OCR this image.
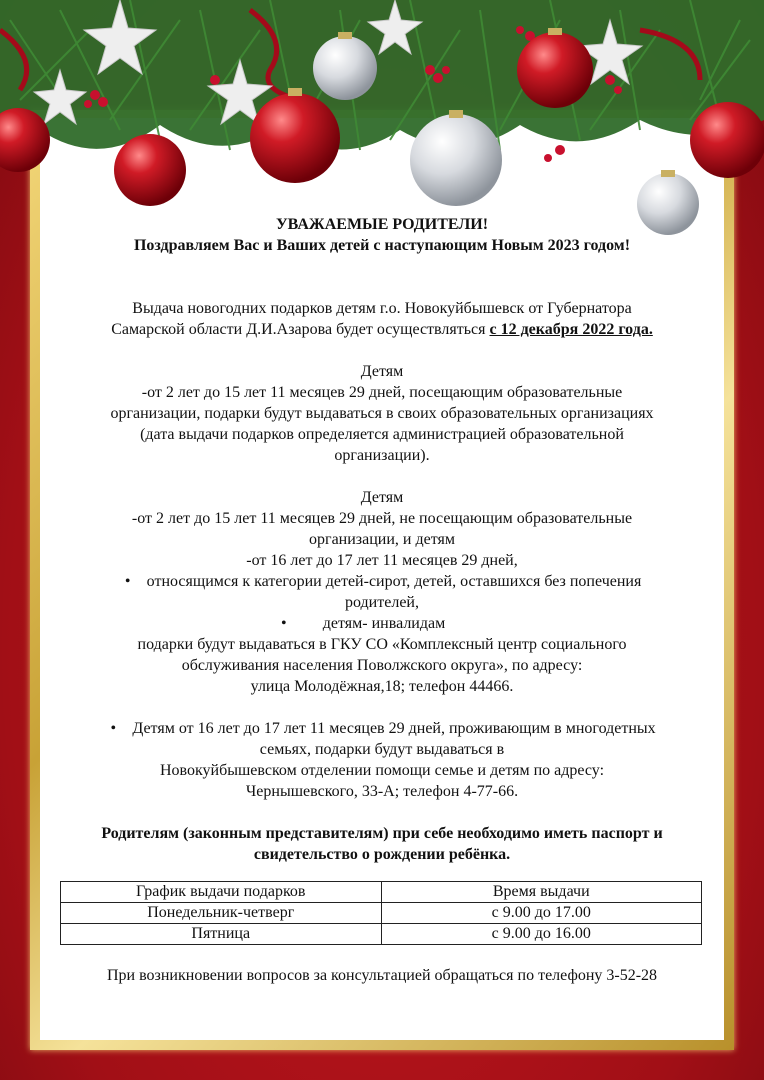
УВАЖАЕМЫЕ РОДИТЕЛИ!

Поздравляем Вас и Ваших детей с наступающим Новым 2023 годом!

Выдача новогодних подарков детям г.о. Новокуйбышевск от Губернатора

Самарской области Д.И.Азарова будет осуществляться с 12 декабря 2022 года.

Детям

-от 2 лет до 15 лет 11 месяцев 29 дней, посещающим образовательные

организации, подарки будут выдаваться в своих образовательных организациях

(дата выдачи подарков определяется администрацией образовательной

организации).

Детям

-от 2 лет до 15 лет 11 месяцев 29 дней, не посещающим образовательные

организации, и детям

-от 16 лет до 17 лет 11 месяцев 29 дней,

• относящимся к категории детей-сирот, детей, оставшихся без попечения

родителей,

• детям- инвалидам

подарки будут выдаваться в ГКУ СО «Комплексный центр социального

обслуживания населения Поволжского округа», по адресу:

улица Молодёжная,18; телефон 44466.

• Детям от 16 лет до 17 лет 11 месяцев 29 дней, проживающим в многодетных

семьях, подарки будут выдаваться в

Новокуйбышевском отделении помощи семье и детям по адресу:

Чернышевского, 33-А; телефон 4-77-66.

Родителям (законным представителям) при себе необходимо иметь паспорт и

свидетельство о рождении ребёнка.

График выдачи подарков	Время выдачи
Понедельник-четверг	с 9.00 до 17.00
Пятница	с 9.00 до 16.00
При возникновении вопросов за консультацией обращаться по телефону 3-52-28
